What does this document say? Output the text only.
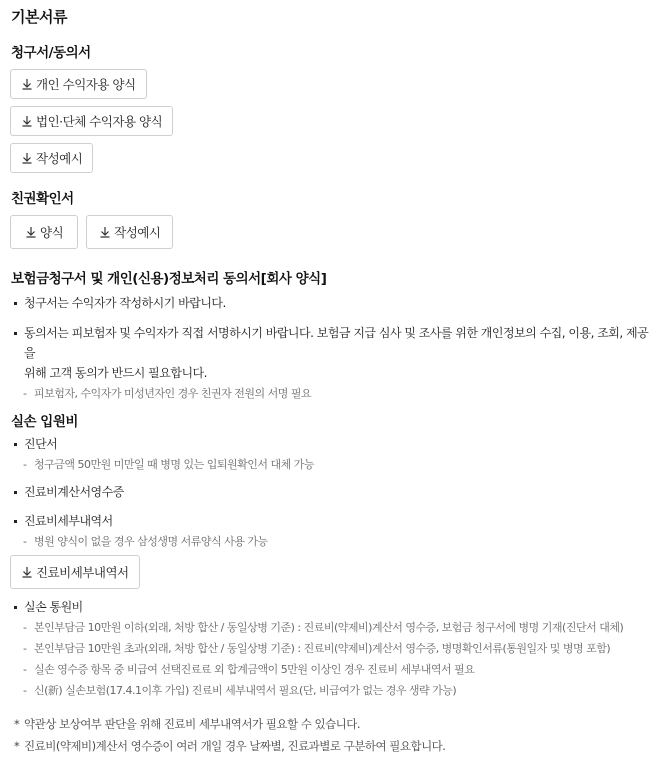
기본서류
청구서/동의서
개인 수익자용 양식
법인·단체 수익자용 양식
작성예시
친권확인서
양식	작성예시
보험금청구서 및 개인(신용)정보처리 동의서[회사 양식]
청구서는 수익자가 작성하시기 바랍니다.
동의서는 피보험자 및 수익자가 직접 서명하시기 바랍니다. 보험금 지급 심사 및 조사를 위한 개인정보의 수집, 이용, 조회, 제공을
위해 고객 동의가 반드시 필요합니다.
- 피보험자, 수익자가 미성년자인 경우 친권자 전원의 서명 필요
실손 입원비
진단서
- 청구금액 50만원 미만일 때 병명 있는 입퇴원확인서 대체 가능
진료비계산서영수증
진료비세부내역서
- 병원 양식이 없을 경우 삼성생명 서류양식 사용 가능
진료비세부내역서
실손 통원비
- 본인부담금 10만원 이하(외래, 처방 합산 / 동일상병 기준) : 진료비(약제비)계산서 영수증, 보험금 청구서에 병명 기재(진단서 대체)
- 본인부담금 10만원 초과(외래, 처방 합산 / 동일상병 기준) : 진료비(약제비)계산서 영수증, 병명확인서류(통원일자 및 병명 포함)
- 실손 영수증 항목 중 비급여 선택진료료 외 합계금액이 5만원 이상인 경우 진료비 세부내역서 필요
- 신(新) 실손보험(17.4.1이후 가입) 진료비 세부내역서 필요(단, 비급여가 없는 경우 생략 가능)
* 약관상 보상여부 판단을 위해 진료비 세부내역서가 필요할 수 있습니다.
* 진료비(약제비)계산서 영수증이 여러 개일 경우 날짜별, 진료과별로 구분하여 필요합니다.
